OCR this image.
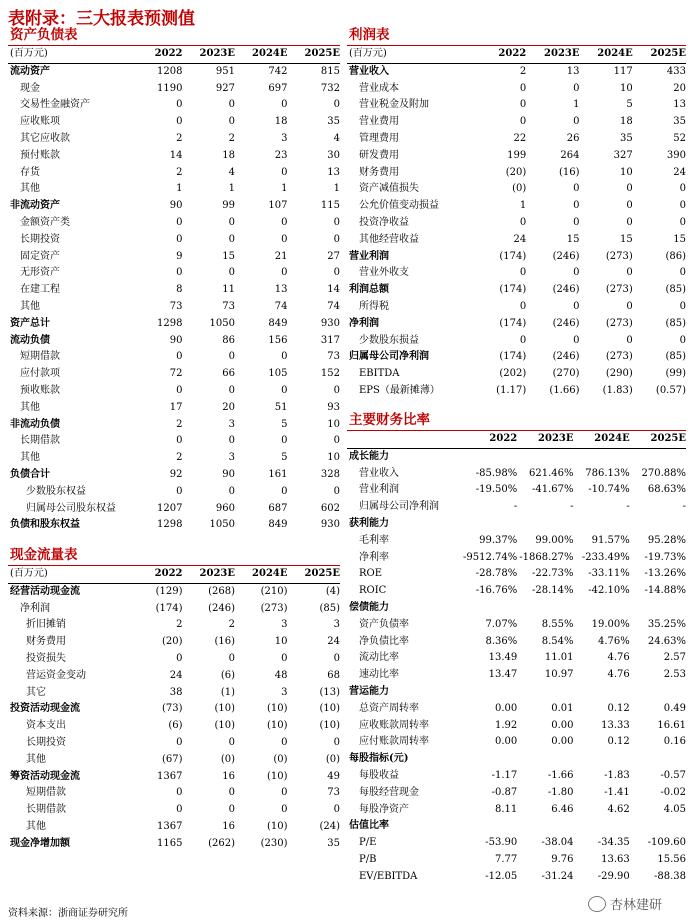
表附录：三大报表预测值
资产负债表
(百万元)	2022	2023E	2024E	2025E
流动资产	1208	951	742	815
现金	1190	927	697	732
交易性金融资产	0	0	0	0
应收账项	0	0	18	35
其它应收款	2	2	3	4
预付账款	14	18	23	30
存货	2	4	0	13
其他	1	1	1	1
非流动资产	90	99	107	115
金额资产类	0	0	0	0
长期投资	0	0	0	0
固定资产	9	15	21	27
无形资产	0	0	0	0
在建工程	8	11	13	14
其他	73	73	74	74
资产总计	1298	1050	849	930
流动负债	90	86	156	317
短期借款	0	0	0	73
应付款项	72	66	105	152
预收账款	0	0	0	0
其他	17	20	51	93
非流动负债	2	3	5	10
长期借款	0	0	0	0
其他	2	3	5	10
负债合计	92	90	161	328
少数股东权益	0	0	0	0
归属母公司股东权益	1207	960	687	602
负债和股东权益	1298	1050	849	930
现金流量表
(百万元)	2022	2023E	2024E	2025E
经营活动现金流	(129)	(268)	(210)	(4)
净利润	(174)	(246)	(273)	(85)
折旧摊销	2	2	3	3
财务费用	(20)	(16)	10	24
投资损失	0	0	0	0
营运资金变动	24	(6)	48	68
其它	38	(1)	3	(13)
投资活动现金流	(73)	(10)	(10)	(10)
资本支出	(6)	(10)	(10)	(10)
长期投资	0	0	0	0
其他	(67)	(0)	(0)	(0)
筹资活动现金流	1367	16	(10)	49
短期借款	0	0	0	73
长期借款	0	0	0	0
其他	1367	16	(10)	(24)
现金净增加额	1165	(262)	(230)	35
利润表
(百万元)	2022	2023E	2024E	2025E
营业收入	2	13	117	433
营业成本	0	0	10	20
营业税金及附加	0	1	5	13
营业费用	0	0	18	35
管理费用	22	26	35	52
研发费用	199	264	327	390
财务费用	(20)	(16)	10	24
资产减值损失	(0)	0	0	0
公允价值变动损益	1	0	0	0
投资净收益	0	0	0	0
其他经营收益	24	15	15	15
营业利润	(174)	(246)	(273)	(86)
营业外收支	0	0	0	0
利润总额	(174)	(246)	(273)	(85)
所得税	0	0	0	0
净利润	(174)	(246)	(273)	(85)
少数股东损益	0	0	0	0
归属母公司净利润	(174)	(246)	(273)	(85)
EBITDA	(202)	(270)	(290)	(99)
EPS（最新摊薄）	(1.17)	(1.66)	(1.83)	(0.57)
主要财务比率
	2022	2023E	2024E	2025E
成长能力				
营业收入	-85.98%	621.46%	786.13%	270.88%
营业利润	-19.50%	-41.67%	-10.74%	68.63%
归属母公司净利润	-	-	-	-
获利能力				
毛利率	99.37%	99.00%	91.57%	95.28%
净利率	-9512.74%	-1868.27%	-233.49%	-19.73%
ROE	-28.78%	-22.73%	-33.11%	-13.26%
ROIC	-16.76%	-28.14%	-42.10%	-14.88%
偿债能力				
资产负债率	7.07%	8.55%	19.00%	35.25%
净负债比率	8.36%	8.54%	4.76%	24.63%
流动比率	13.49	11.01	4.76	2.57
速动比率	13.47	10.97	4.76	2.53
营运能力				
总资产周转率	0.00	0.01	0.12	0.49
应收账款周转率	1.92	0.00	13.33	16.61
应付账款周转率	0.00	0.00	0.12	0.16
每股指标(元)				
每股收益	-1.17	-1.66	-1.83	-0.57
每股经营现金	-0.87	-1.80	-1.41	-0.02
每股净资产	8.11	6.46	4.62	4.05
估值比率				
P/E	-53.90	-38.04	-34.35	-109.60
P/B	7.77	9.76	13.63	15.56
EV/EBITDA	-12.05	-31.24	-29.90	-88.38
资料来源：浙商证券研究所
杏林建研
